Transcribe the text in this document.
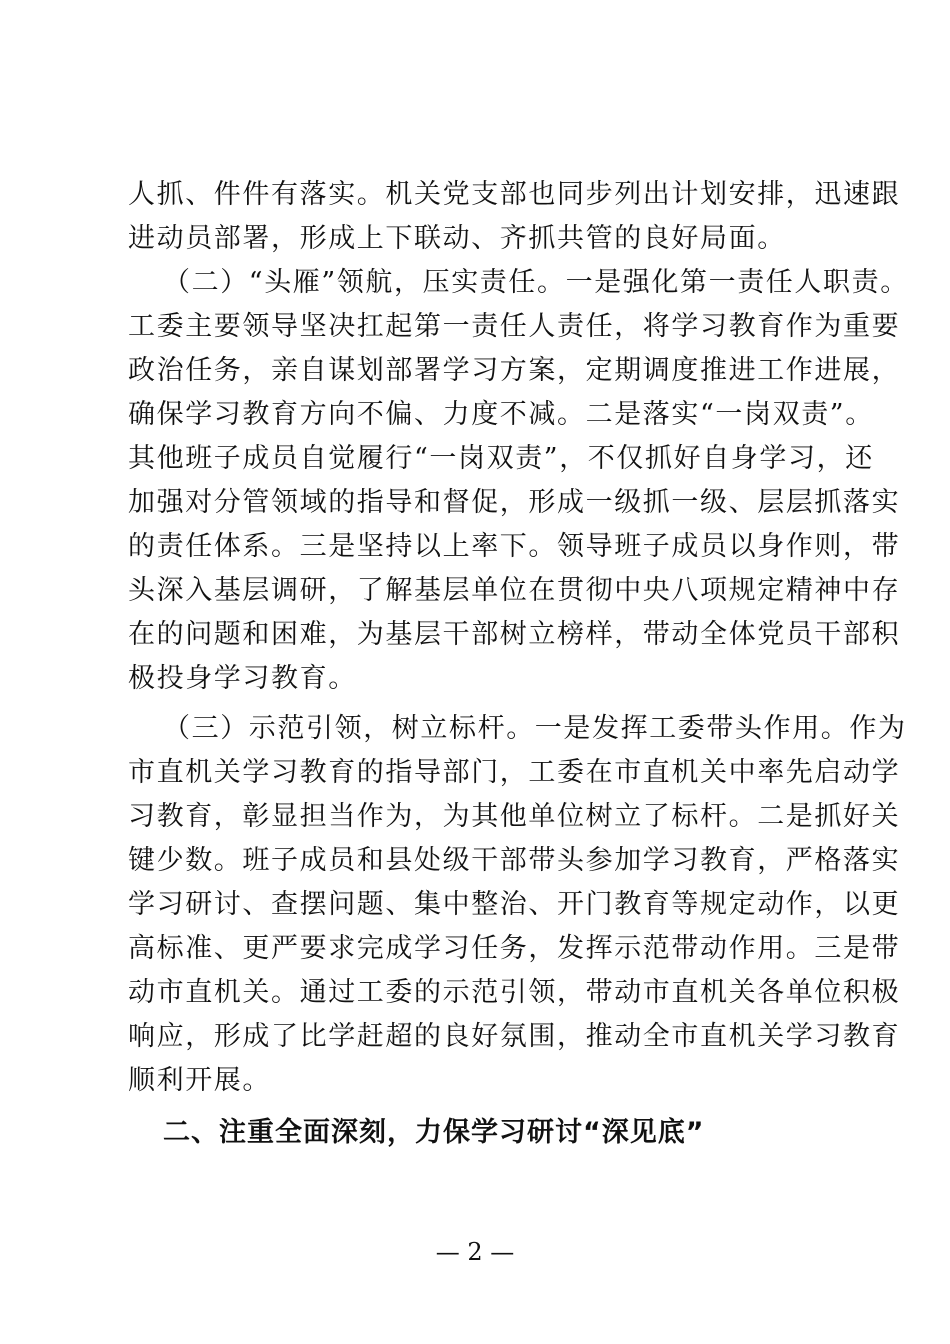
人抓、件件有落实。机关党支部也同步列出计划安排，迅速跟
进动员部署，形成上下联动、齐抓共管的良好局面。
（二）“头雁”领航，压实责任。一是强化第一责任人职责。
工委主要领导坚决扛起第一责任人责任，将学习教育作为重要
政治任务，亲自谋划部署学习方案，定期调度推进工作进展，
确保学习教育方向不偏、力度不减。二是落实“一岗双责”。
其他班子成员自觉履行“一岗双责”，不仅抓好自身学习，还
加强对分管领域的指导和督促，形成一级抓一级、层层抓落实
的责任体系。三是坚持以上率下。领导班子成员以身作则，带
头深入基层调研，了解基层单位在贯彻中央八项规定精神中存
在的问题和困难，为基层干部树立榜样，带动全体党员干部积
极投身学习教育。
（三）示范引领，树立标杆。一是发挥工委带头作用。作为
市直机关学习教育的指导部门，工委在市直机关中率先启动学
习教育，彰显担当作为，为其他单位树立了标杆。二是抓好关
键少数。班子成员和县处级干部带头参加学习教育，严格落实
学习研讨、查摆问题、集中整治、开门教育等规定动作，以更
高标准、更严要求完成学习任务，发挥示范带动作用。三是带
动市直机关。通过工委的示范引领，带动市直机关各单位积极
响应，形成了比学赶超的良好氛围，推动全市直机关学习教育
顺利开展。
二、注重全面深刻，力保学习研讨“深见底”
— 2 —
